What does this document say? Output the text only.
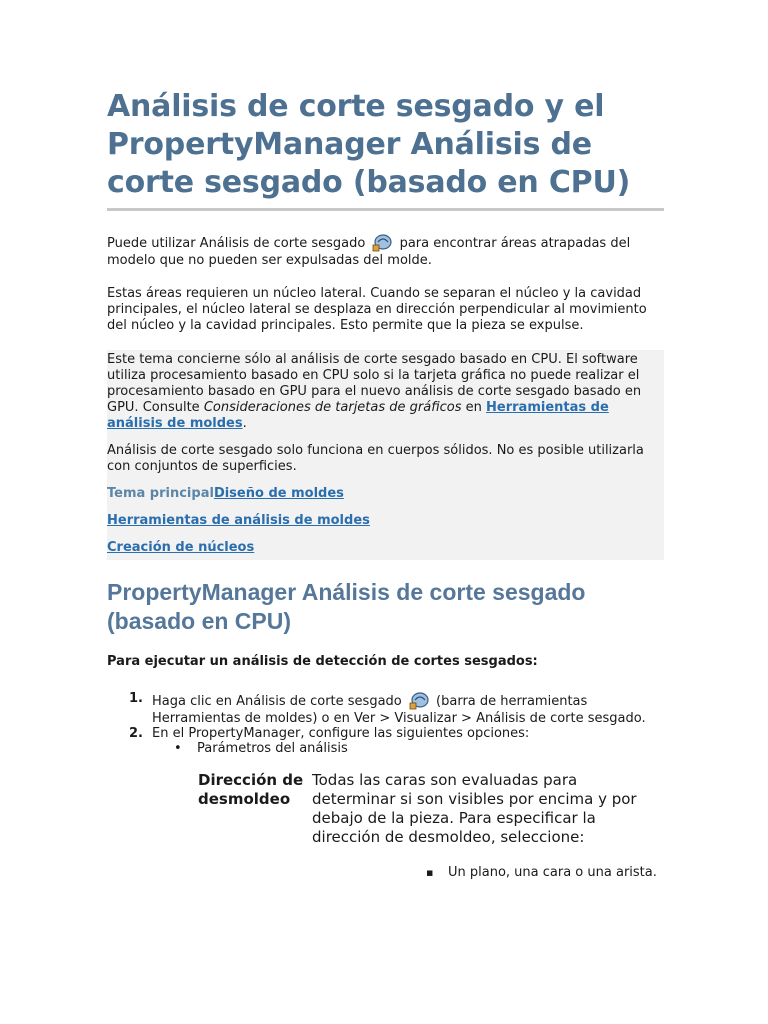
Análisis de corte sesgado y el PropertyManager Análisis de corte sesgado (basado en CPU)

Puede utilizar Análisis de corte sesgado	para encontrar áreas atrapadas del modelo que no pueden ser expulsadas del molde.

Estas áreas requieren un núcleo lateral. Cuando se separan el núcleo y la cavidad principales, el núcleo lateral se desplaza en dirección perpendicular al movimiento del núcleo y la cavidad principales. Esto permite que la pieza se expulse.

Este tema concierne sólo al análisis de corte sesgado basado en CPU. El software utiliza procesamiento basado en CPU solo si la tarjeta gráfica no puede realizar el procesamiento basado en GPU para el nuevo análisis de corte sesgado basado en GPU. Consulte Consideraciones de tarjetas de gráficos en Herramientas de análisis de moldes.

Análisis de corte sesgado solo funciona en cuerpos sólidos. No es posible utilizarla con conjuntos de superficies.

Tema principalDiseño de moldes

Herramientas de análisis de moldes

Creación de núcleos

PropertyManager Análisis de corte sesgado (basado en CPU)

Para ejecutar un análisis de detección de cortes sesgados:

1. Haga clic en Análisis de corte sesgado	(barra de herramientas Herramientas de moldes) o en Ver > Visualizar > Análisis de corte sesgado.
2. En el PropertyManager, configure las siguientes opciones:
• Parámetros del análisis
Dirección de desmoldeo
Todas las caras son evaluadas para determinar si son visibles por encima y por debajo de la pieza. Para especificar la dirección de desmoldeo, seleccione:
▪ Un plano, una cara o una arista.
